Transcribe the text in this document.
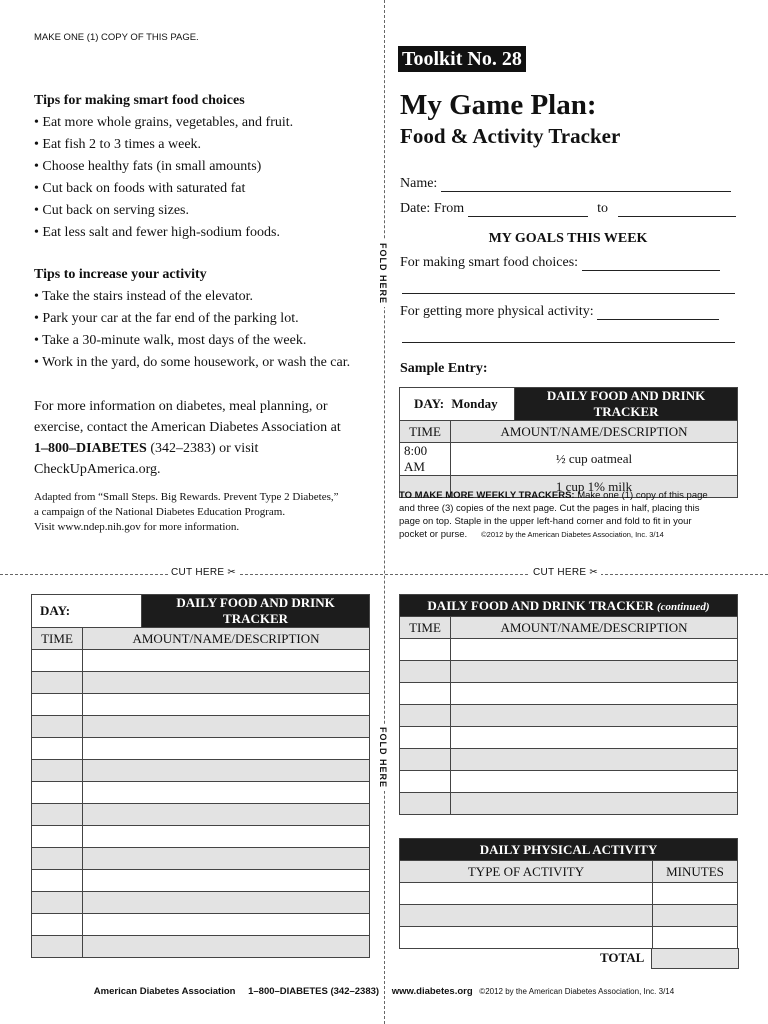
CUT HERE ✂	CUT HERE ✂
FOLD HERE
FOLD HERE
MAKE ONE (1) COPY OF THIS PAGE.

Tips for making smart food choices

• Eat more whole grains, vegetables, and fruit.

• Eat fish 2 to 3 times a week.

• Choose healthy fats (in small amounts)

• Cut back on foods with saturated fat

• Cut back on serving sizes.

• Eat less salt and fewer high-sodium foods.

Tips to increase your activity

• Take the stairs instead of the elevator.

• Park your car at the far end of the parking lot.

• Take a 30-minute walk, most days of the week.

• Work in the yard, do some housework, or wash the car.

For more information on diabetes, meal planning, or
exercise, contact the American Diabetes Association at
1–800–DIABETES (342–2383) or visit
CheckUpAmerica.org.
Adapted from “Small Steps. Big Rewards. Prevent Type 2 Diabetes,”
a campaign of the National Diabetes Education Program.
Visit www.ndep.nih.gov for more information.
Toolkit No. 28
My Game Plan:
Food & Activity Tracker
Name:
Date: From	to
MY GOALS THIS WEEK
For making smart food choices:
For getting more physical activity:
Sample Entry:
DAY: Monday		DAILY FOOD AND DRINK TRACKER
TIME	AMOUNT/NAME/DESCRIPTION	
8:00 AM	½ cup oatmeal	
	1 cup 1% milk	
TO MAKE MORE WEEKLY TRACKERS: Make one (1) copy of this page
and three (3) copies of the next page. Cut the pages in half, placing this
page on top. Staple in the upper left-hand corner and fold to fit in your
pocket or purse. ©2012 by the American Diabetes Association, Inc. 3/14
DAY:		DAILY FOOD AND DRINK TRACKER
TIME	AMOUNT/NAME/DESCRIPTION	

DAILY FOOD AND DRINK TRACKER (continued)	
TIME	AMOUNT/NAME/DESCRIPTION

DAILY PHYSICAL ACTIVITY	
TYPE OF ACTIVITY	MINUTES

TOTAL
American Diabetes Association 1–800–DIABETES (342–2383) www.diabetes.org ©2012 by the American Diabetes Association, Inc. 3/14
